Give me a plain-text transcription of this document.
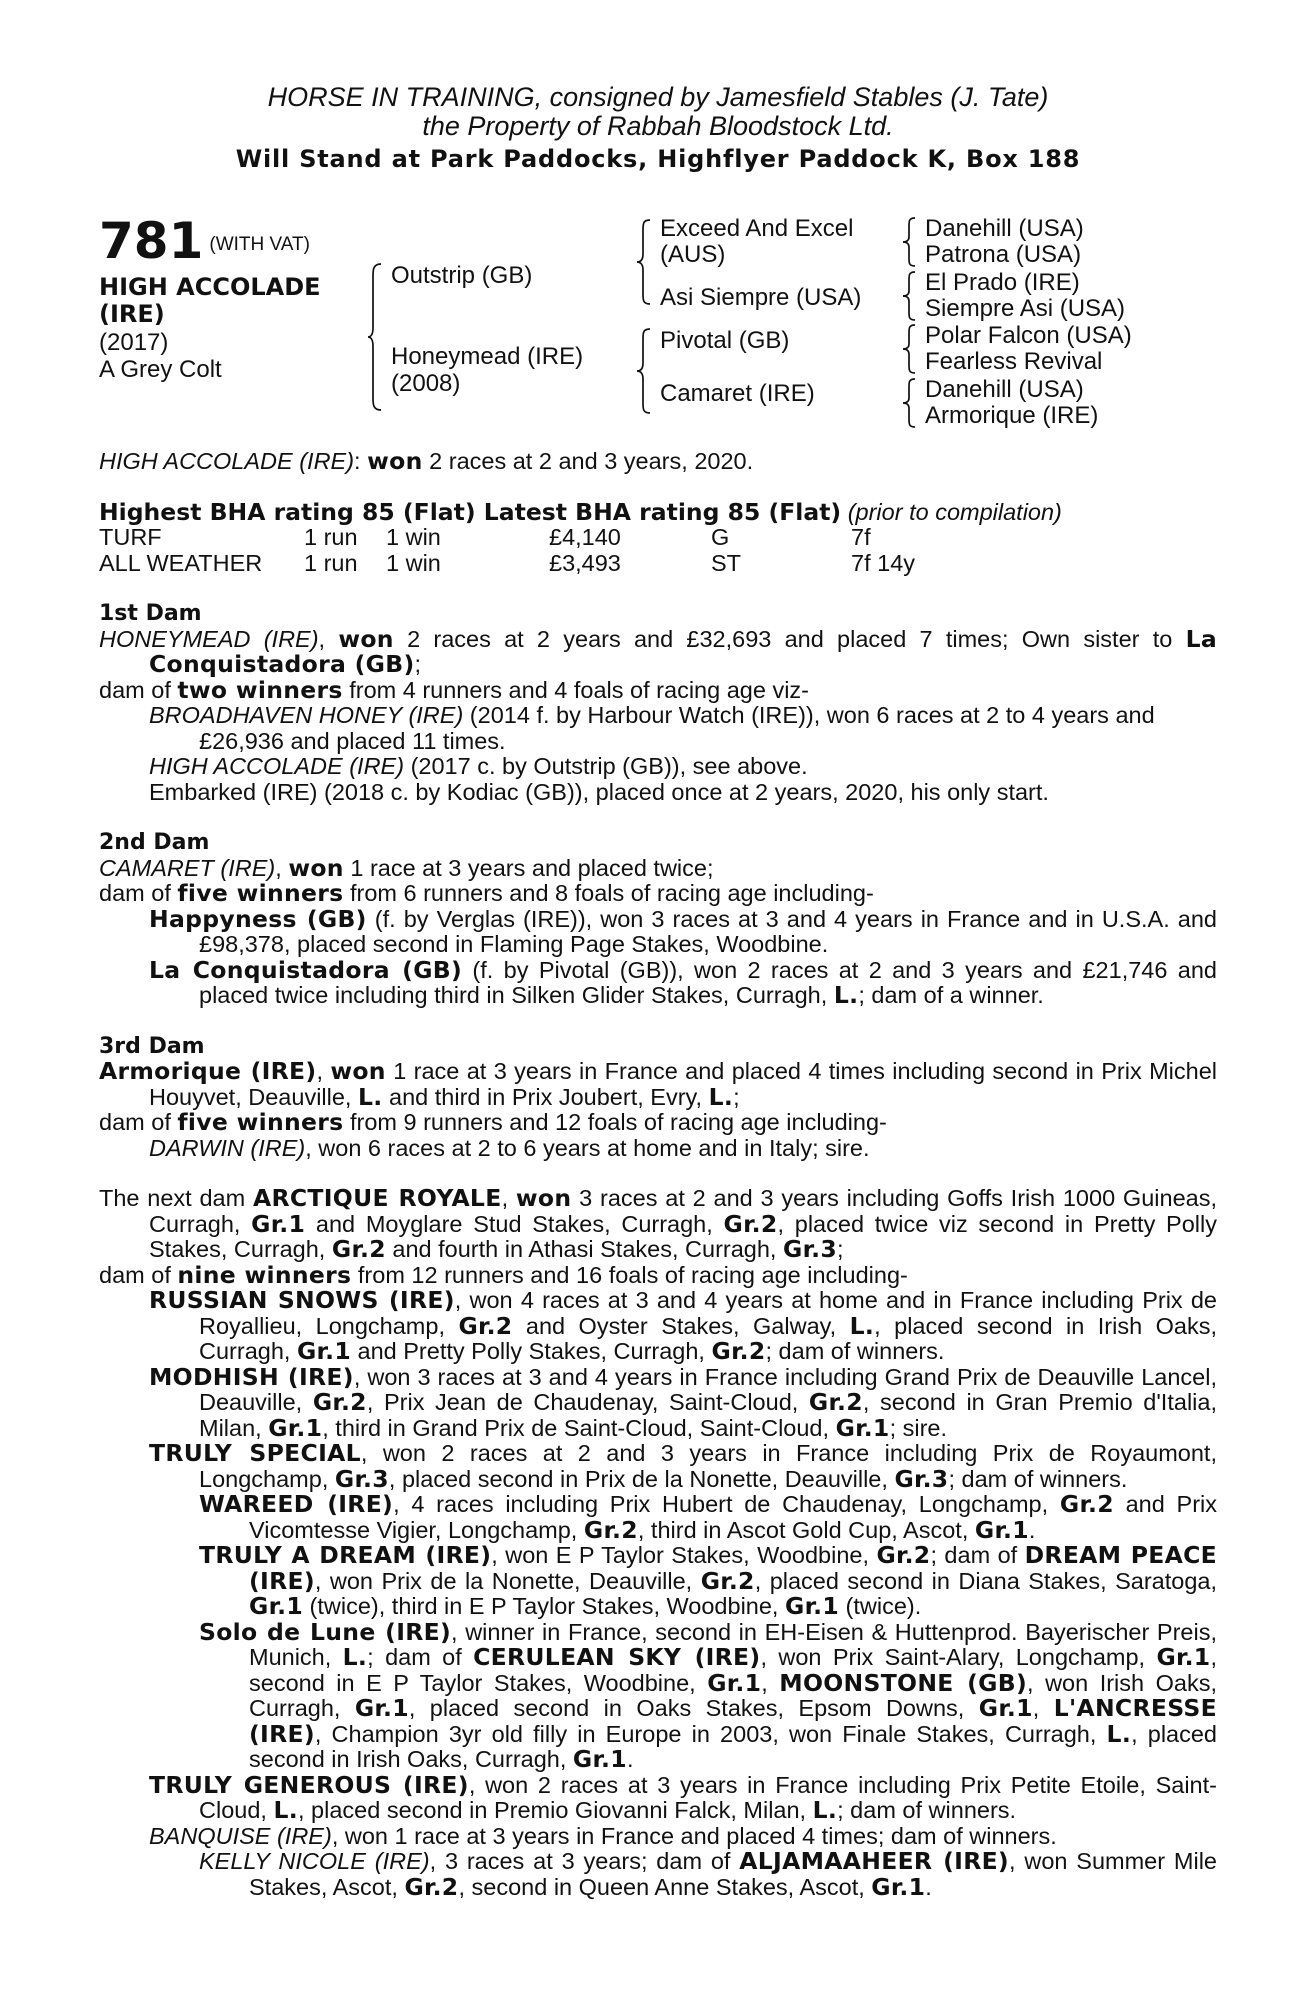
HORSE IN TRAINING, consigned by Jamesfield Stables (J. Tate)
the Property of Rabbah Bloodstock Ltd.
Will Stand at Park Paddocks, Highflyer Paddock K, Box 188
781 $^{(WITH VAT)}$
HIGH ACCOLADE
(IRE)
(2017)
A Grey Colt
Outstrip (GB)
Honeymead (IRE)
(2008)
Exceed And Excel
(AUS)
Asi Siempre (USA)
Pivotal (GB)
Camaret (IRE)
Danehill (USA)
Patrona (USA)
El Prado (IRE)
Siempre Asi (USA)
Polar Falcon (USA)
Fearless Revival
Danehill (USA)
Armorique (IRE)

HIGH ACCOLADE (IRE): won 2 races at 2 and 3 years, 2020.

Highest BHA rating 85 (Flat) Latest BHA rating 85 (Flat) (prior to compilation)

TURF	1 run	1 win	£4,140	G	7f
ALL WEATHER	1 run	1 win	£3,493	ST	7f 14y

1st Dam

HONEYMEAD (IRE), won 2 races at 2 years and £32,693 and placed 7 times; Own sister to La Conquistadora (GB);

dam of two winners from 4 runners and 4 foals of racing age viz-

BROADHAVEN HONEY (IRE) (2014 f. by Harbour Watch (IRE)), won 6 races at 2 to 4 years and £26,936 and placed 11 times.

HIGH ACCOLADE (IRE) (2017 c. by Outstrip (GB)), see above.

Embarked (IRE) (2018 c. by Kodiac (GB)), placed once at 2 years, 2020, his only start.

2nd Dam

CAMARET (IRE), won 1 race at 3 years and placed twice;

dam of five winners from 6 runners and 8 foals of racing age including-

Happyness (GB) (f. by Verglas (IRE)), won 3 races at 3 and 4 years in France and in U.S.A. and £98,378, placed second in Flaming Page Stakes, Woodbine.

La Conquistadora (GB) (f. by Pivotal (GB)), won 2 races at 2 and 3 years and £21,746 and placed twice including third in Silken Glider Stakes, Curragh, L.; dam of a winner.

3rd Dam

Armorique (IRE), won 1 race at 3 years in France and placed 4 times including second in Prix Michel Houyvet, Deauville, L. and third in Prix Joubert, Evry, L.;

dam of five winners from 9 runners and 12 foals of racing age including-

DARWIN (IRE), won 6 races at 2 to 6 years at home and in Italy; sire.

The next dam ARCTIQUE ROYALE, won 3 races at 2 and 3 years including Goffs Irish 1000 Guineas, Curragh, Gr.1 and Moyglare Stud Stakes, Curragh, Gr.2, placed twice viz second in Pretty Polly Stakes, Curragh, Gr.2 and fourth in Athasi Stakes, Curragh, Gr.3;

dam of nine winners from 12 runners and 16 foals of racing age including-

RUSSIAN SNOWS (IRE), won 4 races at 3 and 4 years at home and in France including Prix de Royallieu, Longchamp, Gr.2 and Oyster Stakes, Galway, L., placed second in Irish Oaks, Curragh, Gr.1 and Pretty Polly Stakes, Curragh, Gr.2; dam of winners.

MODHISH (IRE), won 3 races at 3 and 4 years in France including Grand Prix de Deauville Lancel, Deauville, Gr.2, Prix Jean de Chaudenay, Saint-Cloud, Gr.2, second in Gran Premio d'Italia, Milan, Gr.1, third in Grand Prix de Saint-Cloud, Saint-Cloud, Gr.1; sire.

TRULY SPECIAL, won 2 races at 2 and 3 years in France including Prix de Royaumont, Longchamp, Gr.3, placed second in Prix de la Nonette, Deauville, Gr.3; dam of winners.

WAREED (IRE), 4 races including Prix Hubert de Chaudenay, Longchamp, Gr.2 and Prix Vicomtesse Vigier, Longchamp, Gr.2, third in Ascot Gold Cup, Ascot, Gr.1.

TRULY A DREAM (IRE), won E P Taylor Stakes, Woodbine, Gr.2; dam of DREAM PEACE (IRE), won Prix de la Nonette, Deauville, Gr.2, placed second in Diana Stakes, Saratoga, Gr.1 (twice), third in E P Taylor Stakes, Woodbine, Gr.1 (twice).

Solo de Lune (IRE), winner in France, second in EH-Eisen & Huttenprod. Bayerischer Preis, Munich, L.; dam of CERULEAN SKY (IRE), won Prix Saint-Alary, Longchamp, Gr.1, second in E P Taylor Stakes, Woodbine, Gr.1, MOONSTONE (GB), won Irish Oaks, Curragh, Gr.1, placed second in Oaks Stakes, Epsom Downs, Gr.1, L'ANCRESSE (IRE), Champion 3yr old filly in Europe in 2003, won Finale Stakes, Curragh, L., placed second in Irish Oaks, Curragh, Gr.1.

TRULY GENEROUS (IRE), won 2 races at 3 years in France including Prix Petite Etoile, Saint-Cloud, L., placed second in Premio Giovanni Falck, Milan, L.; dam of winners.

BANQUISE (IRE), won 1 race at 3 years in France and placed 4 times; dam of winners.

KELLY NICOLE (IRE), 3 races at 3 years; dam of ALJAMAAHEER (IRE), won Summer Mile Stakes, Ascot, Gr.2, second in Queen Anne Stakes, Ascot, Gr.1.
